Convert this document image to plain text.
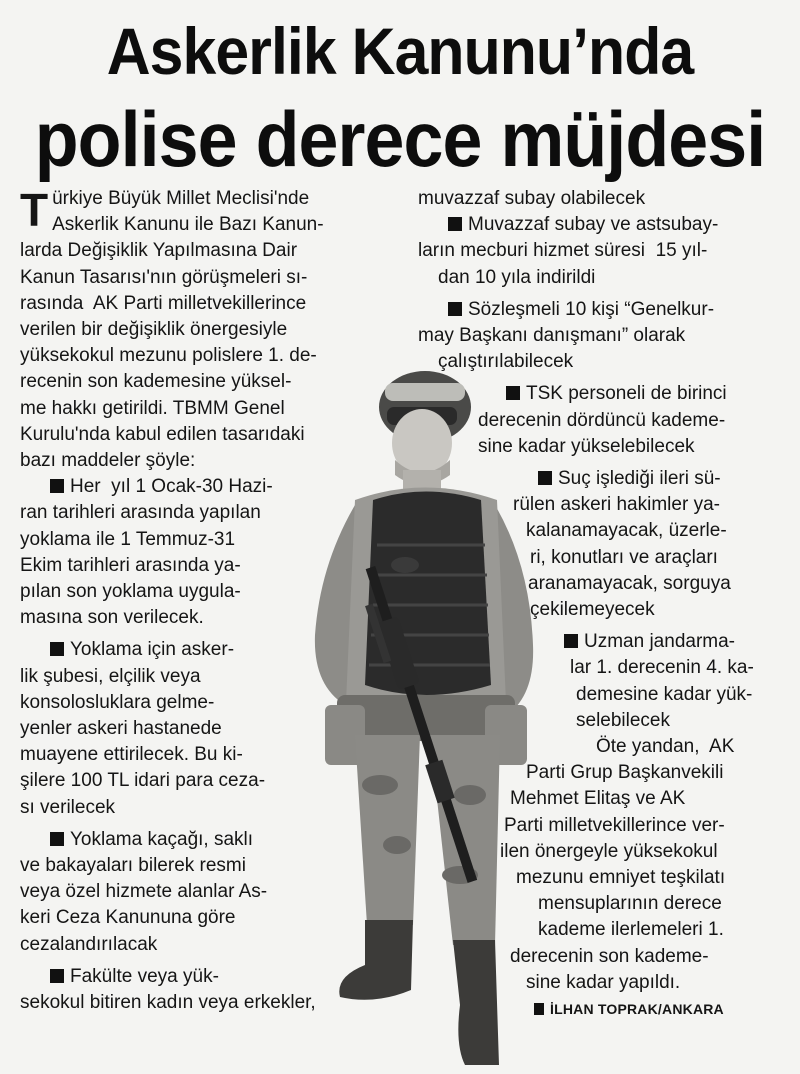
Askerlik Kanunu’nda
polise derece müjdesi
T ürkiye Büyük Millet Meclisi'nde

Askerlik Kanunu ile Bazı Kanun-

larda Değişiklik Yapılmasına Dair

Kanun Tasarısı'nın görüşmeleri sı-

rasında  AK Parti milletvekillerince

verilen bir değişiklik önergesiyle

yüksekokul mezunu polislere 1. de-

recenin son kademesine yüksel-

me hakkı getirildi. TBMM Genel

Kurulu'nda kabul edilen tasarıdaki

bazı maddeler şöyle:

Her  yıl 1 Ocak-30 Hazi-

ran tarihleri arasında yapılan

yoklama ile 1 Temmuz-31

Ekim tarihleri arasında ya-

pılan son yoklama uygula-

masına son verilecek.

Yoklama için asker-

lik şubesi, elçilik veya

konsolosluklara gelme-

yenler askeri hastanede

muayene ettirilecek. Bu ki-

şilere 100 TL idari para ceza-

sı verilecek

Yoklama kaçağı, saklı

ve bakayaları bilerek resmi

veya özel hizmete alanlar As-

keri Ceza Kanununa göre

cezalandırılacak

Fakülte veya yük-

sekokul bitiren kadın veya erkekler,

muvazzaf subay olabilecek

Muvazzaf subay ve astsubay-

ların mecburi hizmet süresi  15 yıl-

dan 10 yıla indirildi

Sözleşmeli 10 kişi “Genelkur-

may Başkanı danışmanı” olarak

çalıştırılabilecek

TSK personeli de birinci

derecenin dördüncü kademe-

sine kadar yükselebilecek

Suç işlediği ileri sü-

rülen askeri hakimler ya-

kalanamayacak, üzerle-

ri, konutları ve araçları

aranamayacak, sorguya

çekilemeyecek

Uzman jandarma-

lar 1. derecenin 4. ka-

demesine kadar yük-

selebilecek

Öte yandan,  AK

Parti Grup Başkanvekili

Mehmet Elitaş ve AK

Parti milletvekillerince ver-

ilen önergeyle yüksekokul

mezunu emniyet teşkilatı

mensuplarının derece

kademe ilerlemeleri 1.

derecenin son kademe-

sine kadar yapıldı.

İLHAN TOPRAK/ANKARA
